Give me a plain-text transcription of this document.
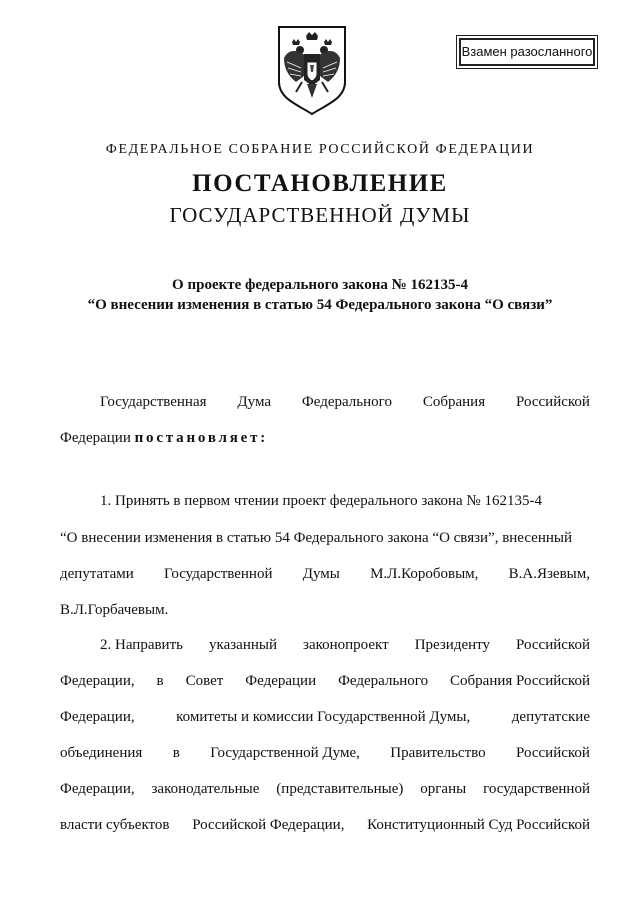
Взамен разосланного
ФЕДЕРАЛЬНОЕ СОБРАНИЕ РОССИЙСКОЙ ФЕДЕРАЦИИ
ПОСТАНОВЛЕНИЕ
ГОСУДАРСТВЕННОЙ ДУМЫ
О проекте федерального закона № 162135-4
“О внесении изменения в статью 54 Федерального закона “О связи”
Государственная Дума Федерального Собрания Российской
Федерации постановляет:
1. Принять в первом чтении проект федерального закона № 162135-4
“О внесении изменения в статью 54 Федерального закона “О связи”, внесенный
депутатами Государственной Думы М.Л.Коробовым, В.А.Язевым,
В.Л.Горбачевым.
2. Направить указанный законопроект Президенту Российской
Федерации, в Совет Федерации Федерального Собрания Российской
Федерации,	комитеты и комиссии Государственной Думы,	депутатские
объединения в Государственной Думе, Правительство Российской
Федерации, законодательные (представительные) органы государственной
власти субъектов Российской Федерации, Конституционный Суд Российской
